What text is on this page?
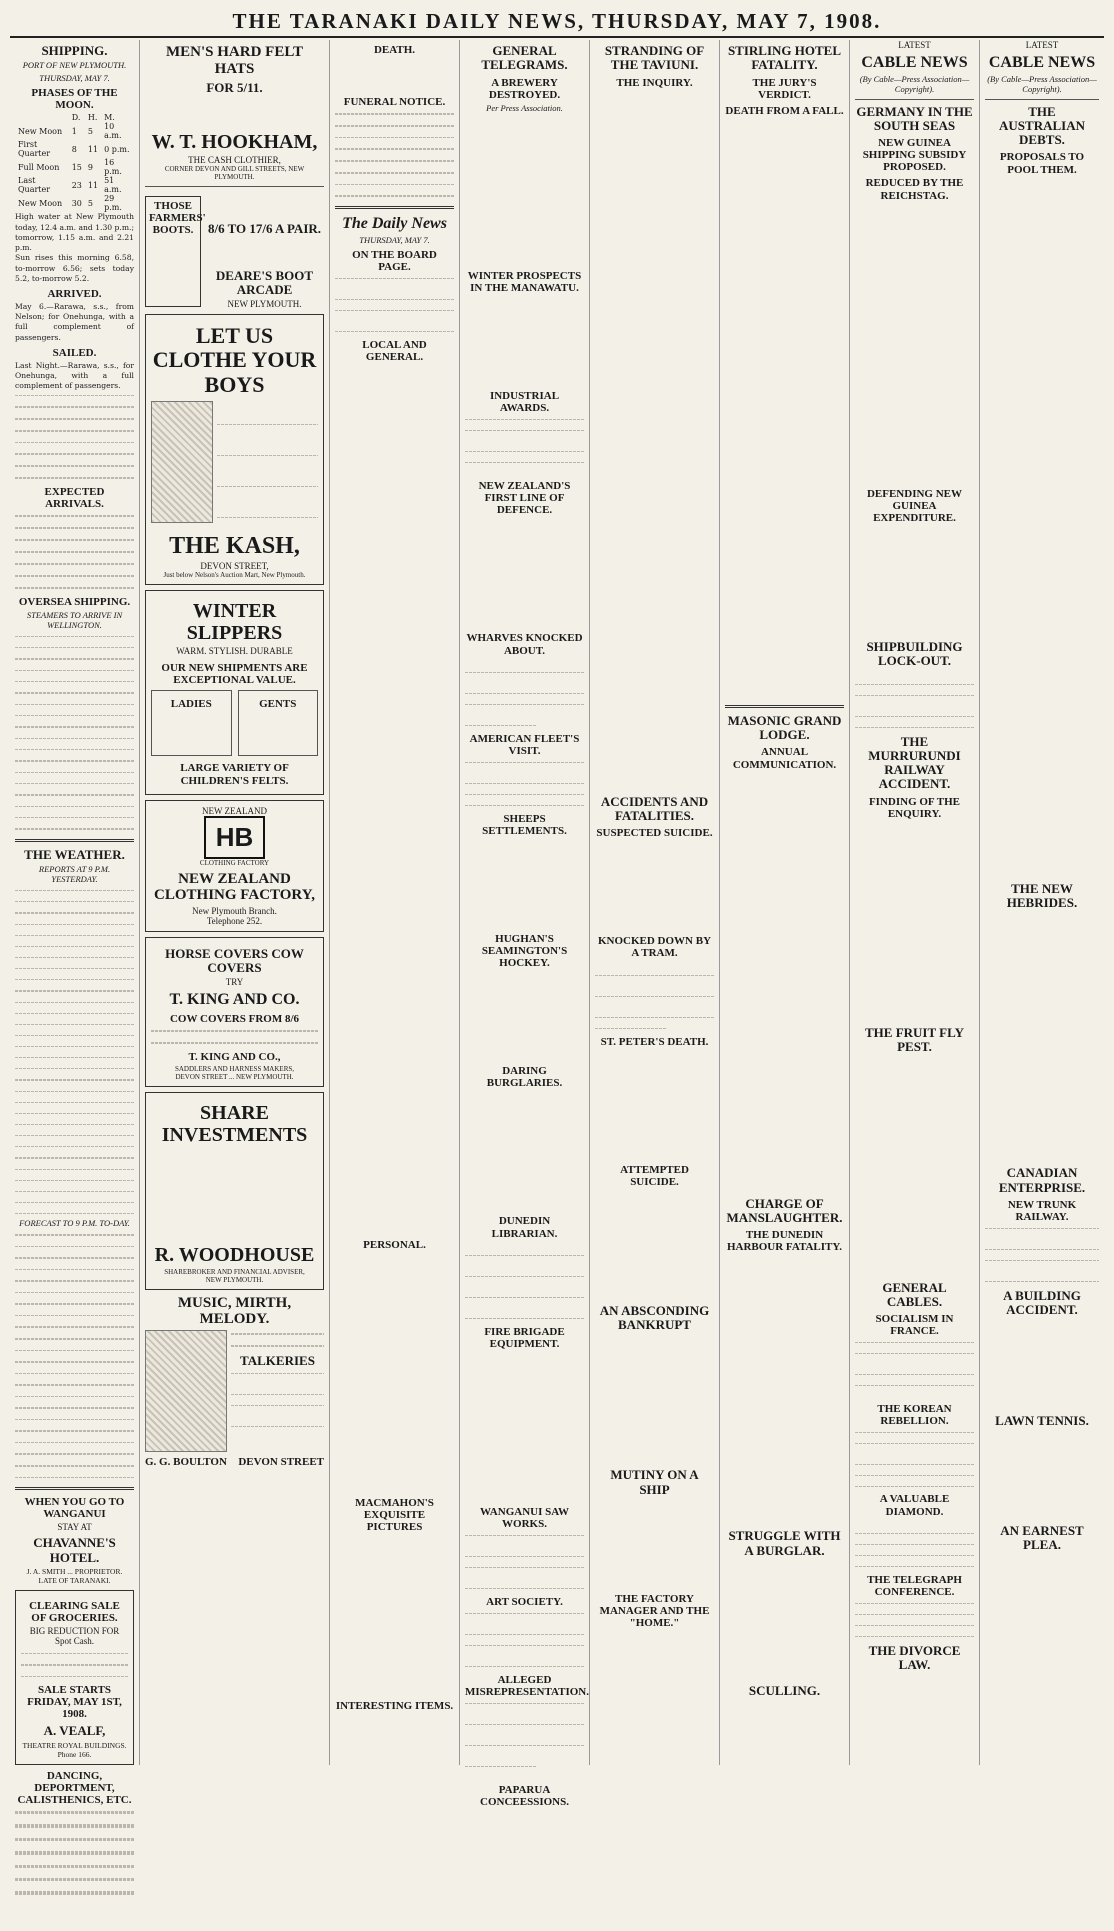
THE TARANAKI DAILY NEWS, THURSDAY, MAY 7, 1908.
SHIPPING.
PORT OF NEW PLYMOUTH.
THURSDAY, MAY 7.
PHASES OF THE MOON.
	D.	H.	M.
New Moon	1	5	10 a.m.
First Quarter	8	11	0 p.m.
Full Moon	15	9	16 p.m.
Last Quarter	23	11	51 a.m.
New Moon	30	5	29 p.m.

High water at New Plymouth today, 12.4 a.m. and 1.30 p.m.; tomorrow, 1.15 a.m. and 2.21 p.m.

Sun rises this morning 6.58, to-morrow 6.56; sets today 5.2, to-morrow 5.2.

ARRIVED.

May 6.—Rarawa, s.s., from Nelson; for Onehunga, with a full complement of passengers.

SAILED.

Last Night.—Rarawa, s.s., for Onehunga, with a full complement of passengers.

EXPECTED ARRIVALS.
OVERSEA SHIPPING.
STEAMERS TO ARRIVE IN WELLINGTON.
THE WEATHER.
REPORTS AT 9 P.M. YESTERDAY.
FORECAST TO 9 P.M. TO-DAY.
WHEN YOU GO TO WANGANUI
STAY AT
CHAVANNE'S HOTEL.
J. A. SMITH ... PROPRIETOR.
LATE OF TARANAKI.
CLEARING SALE OF GROCERIES.
BIG REDUCTION FOR Spot Cash.
SALE STARTS FRIDAY, MAY 1ST, 1908.
A. VEALF,
THEATRE ROYAL BUILDINGS. Phone 166.
DANCING, DEPORTMENT, CALISTHENICS, ETC.
MEN'S HARD FELT HATS
FOR 5/11.
W. T. HOOKHAM,
THE CASH CLOTHIER,
CORNER DEVON AND GILL STREETS, NEW PLYMOUTH.
THOSE FARMERS' BOOTS.	8/6 TO 17/6 A PAIR.
DEARE'S BOOT ARCADE
NEW PLYMOUTH.
LET US CLOTHE YOUR BOYS
THE KASH,
DEVON STREET,
Just below Nelson's Auction Mart, New Plymouth.
WINTER SLIPPERS
WARM. STYLISH. DURABLE
OUR NEW SHIPMENTS ARE EXCEPTIONAL VALUE.
LADIES	GENTS
LARGE VARIETY OF CHILDREN'S FELTS.
NEW ZEALAND
HB
CLOTHING FACTORY
NEW ZEALAND CLOTHING FACTORY,
New Plymouth Branch.
Telephone 252.
HORSE COVERS COW COVERS
TRY
T. KING AND CO.
COW COVERS FROM 8/6
T. KING AND CO.,
SADDLERS AND HARNESS MAKERS,
DEVON STREET ... NEW PLYMOUTH.
SHARE INVESTMENTS
R. WOODHOUSE
SHAREBROKER AND FINANCIAL ADVISER,
NEW PLYMOUTH.
MUSIC, MIRTH, MELODY.
TALKERIES
G. G. BOULTON DEVON STREET
DEATH.
FUNERAL NOTICE.
The Daily News
THURSDAY, MAY 7.
ON THE BOARD PAGE.
LOCAL AND GENERAL.
PERSONAL.
MACMAHON'S EXQUISITE PICTURES
INTERESTING ITEMS.
GENERAL TELEGRAMS.
A BREWERY DESTROYED.
Per Press Association.
WINTER PROSPECTS IN THE MANAWATU.
INDUSTRIAL AWARDS.
NEW ZEALAND'S FIRST LINE OF DEFENCE.
WHARVES KNOCKED ABOUT.
AMERICAN FLEET'S VISIT.
SHEEPS SETTLEMENTS.
HUGHAN'S SEAMINGTON'S HOCKEY.
DARING BURGLARIES.
DUNEDIN LIBRARIAN.
FIRE BRIGADE EQUIPMENT.
WANGANUI SAW WORKS.
ART SOCIETY.
ALLEGED MISREPRESENTATION.
PAPARUA CONCEESSIONS.
STRANDING OF THE TAVIUNI.
THE INQUIRY.
ACCIDENTS AND FATALITIES.
SUSPECTED SUICIDE.
KNOCKED DOWN BY A TRAM.
ST. PETER'S DEATH.
ATTEMPTED SUICIDE.
AN ABSCONDING BANKRUPT
MUTINY ON A SHIP
THE FACTORY MANAGER AND THE "HOME."
STIRLING HOTEL FATALITY.
THE JURY'S VERDICT.
DEATH FROM A FALL.
MASONIC GRAND LODGE.
ANNUAL COMMUNICATION.
CHARGE OF MANSLAUGHTER.
THE DUNEDIN HARBOUR FATALITY.
STRUGGLE WITH A BURGLAR.
SCULLING.
LATEST
CABLE NEWS
(By Cable—Press Association—Copyright).
GERMANY IN THE SOUTH SEAS
NEW GUINEA SHIPPING SUBSIDY PROPOSED.
REDUCED BY THE REICHSTAG.
DEFENDING NEW GUINEA EXPENDITURE.
SHIPBUILDING LOCK-OUT.
THE MURRURUNDI RAILWAY ACCIDENT.
FINDING OF THE ENQUIRY.
THE FRUIT FLY PEST.
GENERAL CABLES.
SOCIALISM IN FRANCE.
THE KOREAN REBELLION.
A VALUABLE DIAMOND.
THE TELEGRAPH CONFERENCE.
THE DIVORCE LAW.
LATEST
CABLE NEWS
(By Cable—Press Association—Copyright).
THE AUSTRALIAN DEBTS.
PROPOSALS TO POOL THEM.
THE NEW HEBRIDES.
CANADIAN ENTERPRISE.
NEW TRUNK RAILWAY.
A BUILDING ACCIDENT.
LAWN TENNIS.
AN EARNEST PLEA.
